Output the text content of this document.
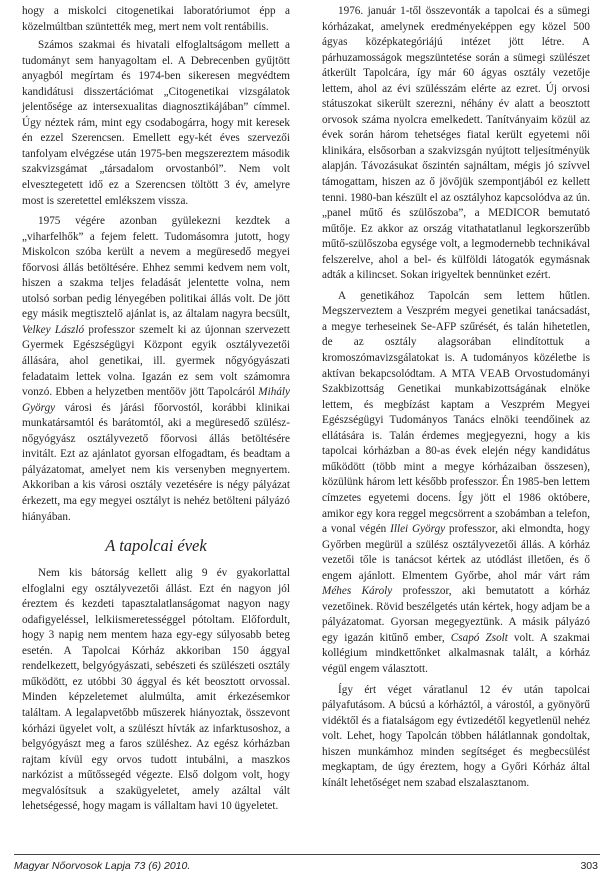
hogy a miskolci citogenetikai laboratóriumot épp a közelmúltban szüntették meg, mert nem volt rentábilis.

Számos szakmai és hivatali elfoglaltságom mellett a tudományt sem hanyagoltam el. A Debrecenben gyűjtött anyagból megírtam és 1974-ben sikeresen megvédtem kandidátusi disszertációmat „Citogenetikai vizsgálatok jelentősége az intersexualitas diagnosztikájában” címmel. Úgy néztek rám, mint egy csodabogárra, hogy mit keresek én ezzel Szerencsen. Emellett egy-két éves szervezői tanfolyam elvégzése után 1975-ben megszereztem második szakvizsgámat „társadalom orvostanból”. Nem volt elvesztegetett idő ez a Szerencsen töltött 3 év, amelyre most is szeretettel emlékszem vissza.

1975 végére azonban gyülekezni kezdtek a „viharfelhők” a fejem felett. Tudomásomra jutott, hogy Miskolcon szóba került a nevem a megüresedő megyei főorvosi állás betöltésére. Ehhez semmi kedvem nem volt, hiszen a szakma teljes feladását jelentette volna, nem utolsó sorban pedig lényegében politikai állás volt. De jött egy másik megtisztelő ajánlat is, az általam nagyra becsült, Velkey László professzor szemelt ki az újonnan szervezett Gyermek Egészségügyi Központ egyik osztályvezetői állására, ahol genetikai, ill. gyermek nőgyógyászati feladataim lettek volna. Igazán ez sem volt számomra vonzó. Ebben a helyzetben mentőöv jött Tapolcáról Mihály György városi és járási főorvostól, korábbi klinikai munkatársamtól és barátomtól, aki a megüresedő szülész-nőgyógyász osztályvezető főorvosi állás betöltésére invitált. Ezt az ajánlatot gyorsan elfogadtam, és beadtam a pályázatomat, amelyet nem kis versenyben megnyertem. Akkoriban a kis városi osztály vezetésére is négy pályázat érkezett, ma egy megyei osztályt is nehéz betölteni pályázó hiányában.

A tapolcai évek

Nem kis bátorság kellett alig 9 év gyakorlattal elfoglalni egy osztályvezetői állást. Ezt én nagyon jól éreztem és kezdeti tapasztalatlanságomat nagyon nagy odafigyeléssel, lelkiismeretességgel pótoltam. Előfordult, hogy 3 napig nem mentem haza egy-egy súlyosabb beteg esetén. A Tapolcai Kórház akkoriban 150 ággyal rendelkezett, belgyógyászati, sebészeti és szülészeti osztály működött, ez utóbbi 30 ággyal és két beosztott orvossal. Minden képzeletemet alulmúlta, amit érkezésemkor találtam. A legalapvetőbb műszerek hiányoztak, összevont kórházi ügyelet volt, a szülészt hívták az infarktusoshoz, a belgyógyászt meg a faros szüléshez. Az egész kórházban rajtam kívül egy orvos tudott intubálni, a maszkos narkózist a műtőssegéd végezte. Első dolgom volt, hogy megvalósítsuk a szakügyeletet, amely azáltal vált lehetségessé, hogy magam is vállaltam havi 10 ügyeletet.

1976. január 1-től összevonták a tapolcai és a sümegi kórházakat, amelynek eredményeképpen egy közel 500 ágyas középkategóriájú intézet jött létre. A párhuzamosságok megszüntetése során a sümegi szülészet átkerült Tapolcára, így már 60 ágyas osztály vezetője lettem, ahol az évi szülésszám elérte az ezret. Új orvosi státuszokat sikerült szerezni, néhány év alatt a beosztott orvosok száma nyolcra emelkedett. Tanítványaim közül az évek során három tehetséges fiatal került egyetemi női klinikára, elsősorban a szakvizsgán nyújtott teljesítményük alapján. Távozásukat őszintén sajnáltam, mégis jó szívvel támogattam, hiszen az ő jövőjük szempontjából ez kellett tenni. 1980-ban készült el az osztályhoz kapcsolódva az ún. „panel műtő és szülőszoba”, a MEDICOR bemutató műtője. Ez akkor az ország vitathatatlanul legkorszerűbb műtő-szülőszoba egysége volt, a legmodernebb technikával felszerelve, ahol a bel- és külföldi látogatók egymásnak adták a kilincset. Sokan irigyeltek bennünket ezért.

A genetikához Tapolcán sem lettem hűtlen. Megszerveztem a Veszprém megyei genetikai tanácsadást, a megye terheseinek Se-AFP szűrését, és talán hihetetlen, de az osztály alagsorában elindítottuk a kromoszómavizsgálatokat is. A tudományos közéletbe is aktívan bekapcsolódtam. A MTA VEAB Orvostudományi Szakbizottság Genetikai munkabizottságának elnöke lettem, és megbízást kaptam a Veszprém Megyei Egészségügyi Tudományos Tanács elnöki teendőinek az ellátására is. Talán érdemes megjegyezni, hogy a kis tapolcai kórházban a 80-as évek elején négy kandidátus működött (több mint a megye kórházaiban összesen), közülünk három lett később professzor. Én 1985-ben lettem címzetes egyetemi docens. Így jött el 1986 októbere, amikor egy kora reggel megcsörrent a szobámban a telefon, a vonal végén Illei György professzor, aki elmondta, hogy Győrben megürül a szülész osztályvezetői állás. A kórház vezetői tőle is tanácsot kértek az utódlást illetően, és ő engem ajánlott. Elmentem Győrbe, ahol már várt rám Méhes Károly professzor, aki bemutatott a kórház vezetőinek. Rövid beszélgetés után kértek, hogy adjam be a pályázatomat. Gyorsan megegyeztünk. A másik pályázó egy igazán kitűnő ember, Csapó Zsolt volt. A szakmai kollégium mindkettőnket alkalmasnak talált, a kórház végül engem választott.

Így ért véget váratlanul 12 év után tapolcai pályafutásom. A búcsú a kórháztól, a várostól, a gyönyörű vidéktől és a fiatalságom egy évtizedétől kegyetlenül nehéz volt. Lehet, hogy Tapolcán többen hálátlannak gondoltak, hiszen munkámhoz minden segítséget és megbecsülést megkaptam, de úgy éreztem, hogy a Győri Kórház által kínált lehetőséget nem szabad elszalasztanom.

Magyar Nőorvosok Lapja 73 (6) 2010.	303
